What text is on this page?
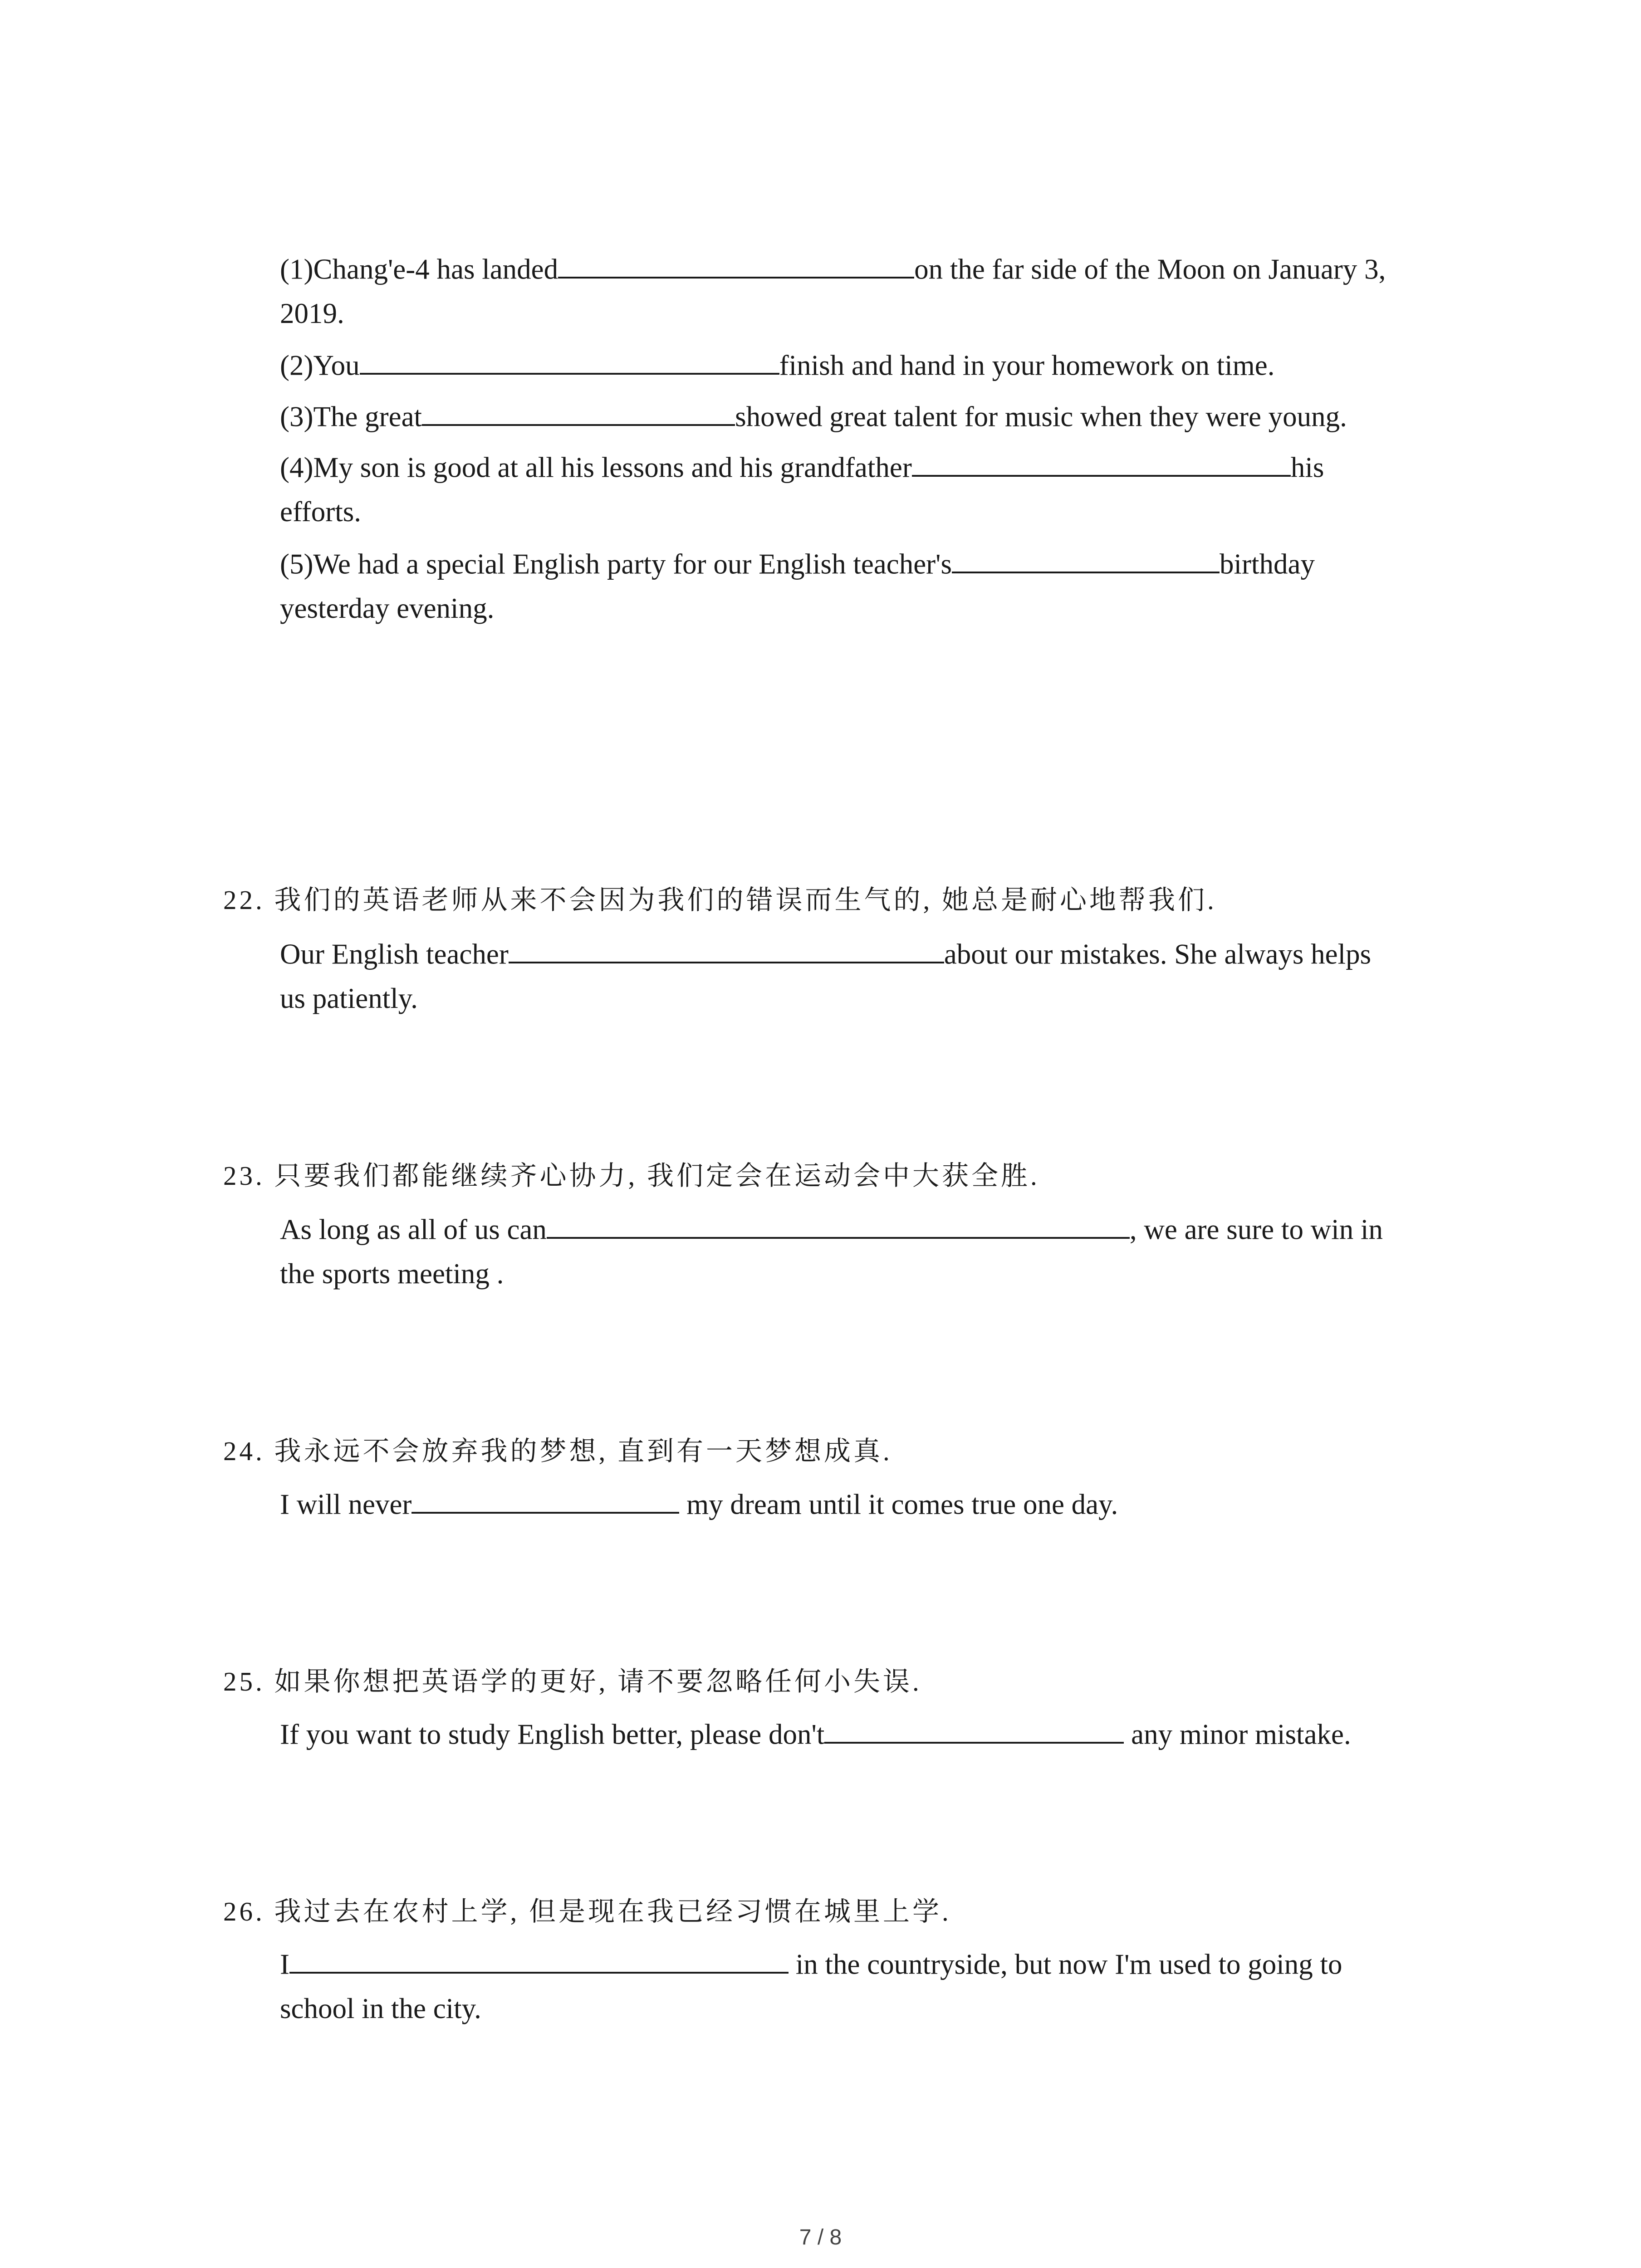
(1)Chang'e-4 has landed	on the far side of the Moon on January 3,
2019.
(2)You	finish and hand in your homework on time.
(3)The great	showed great talent for music when they were young.
(4)My son is good at all his lessons and his grandfather	his
efforts.
(5)We had a special English party for our English teacher's	birthday
yesterday evening.
22. 我们的英语老师从来不会因为我们的错误而生气的, 她总是耐心地帮我们.
Our English teacher	about our mistakes. She always helps
us patiently.
23. 只要我们都能继续齐心协力, 我们定会在运动会中大获全胜.
As long as all of us can	, we are sure to win in
the sports meeting .
24. 我永远不会放弃我的梦想, 直到有一天梦想成真.
I will never	my dream until it comes true one day.
25. 如果你想把英语学的更好, 请不要忽略任何小失误.
If you want to study English better, please don't	any minor mistake.
26. 我过去在农村上学, 但是现在我已经习惯在城里上学.
I	in the countryside, but now I'm used to going to
school in the city.
7 / 8
